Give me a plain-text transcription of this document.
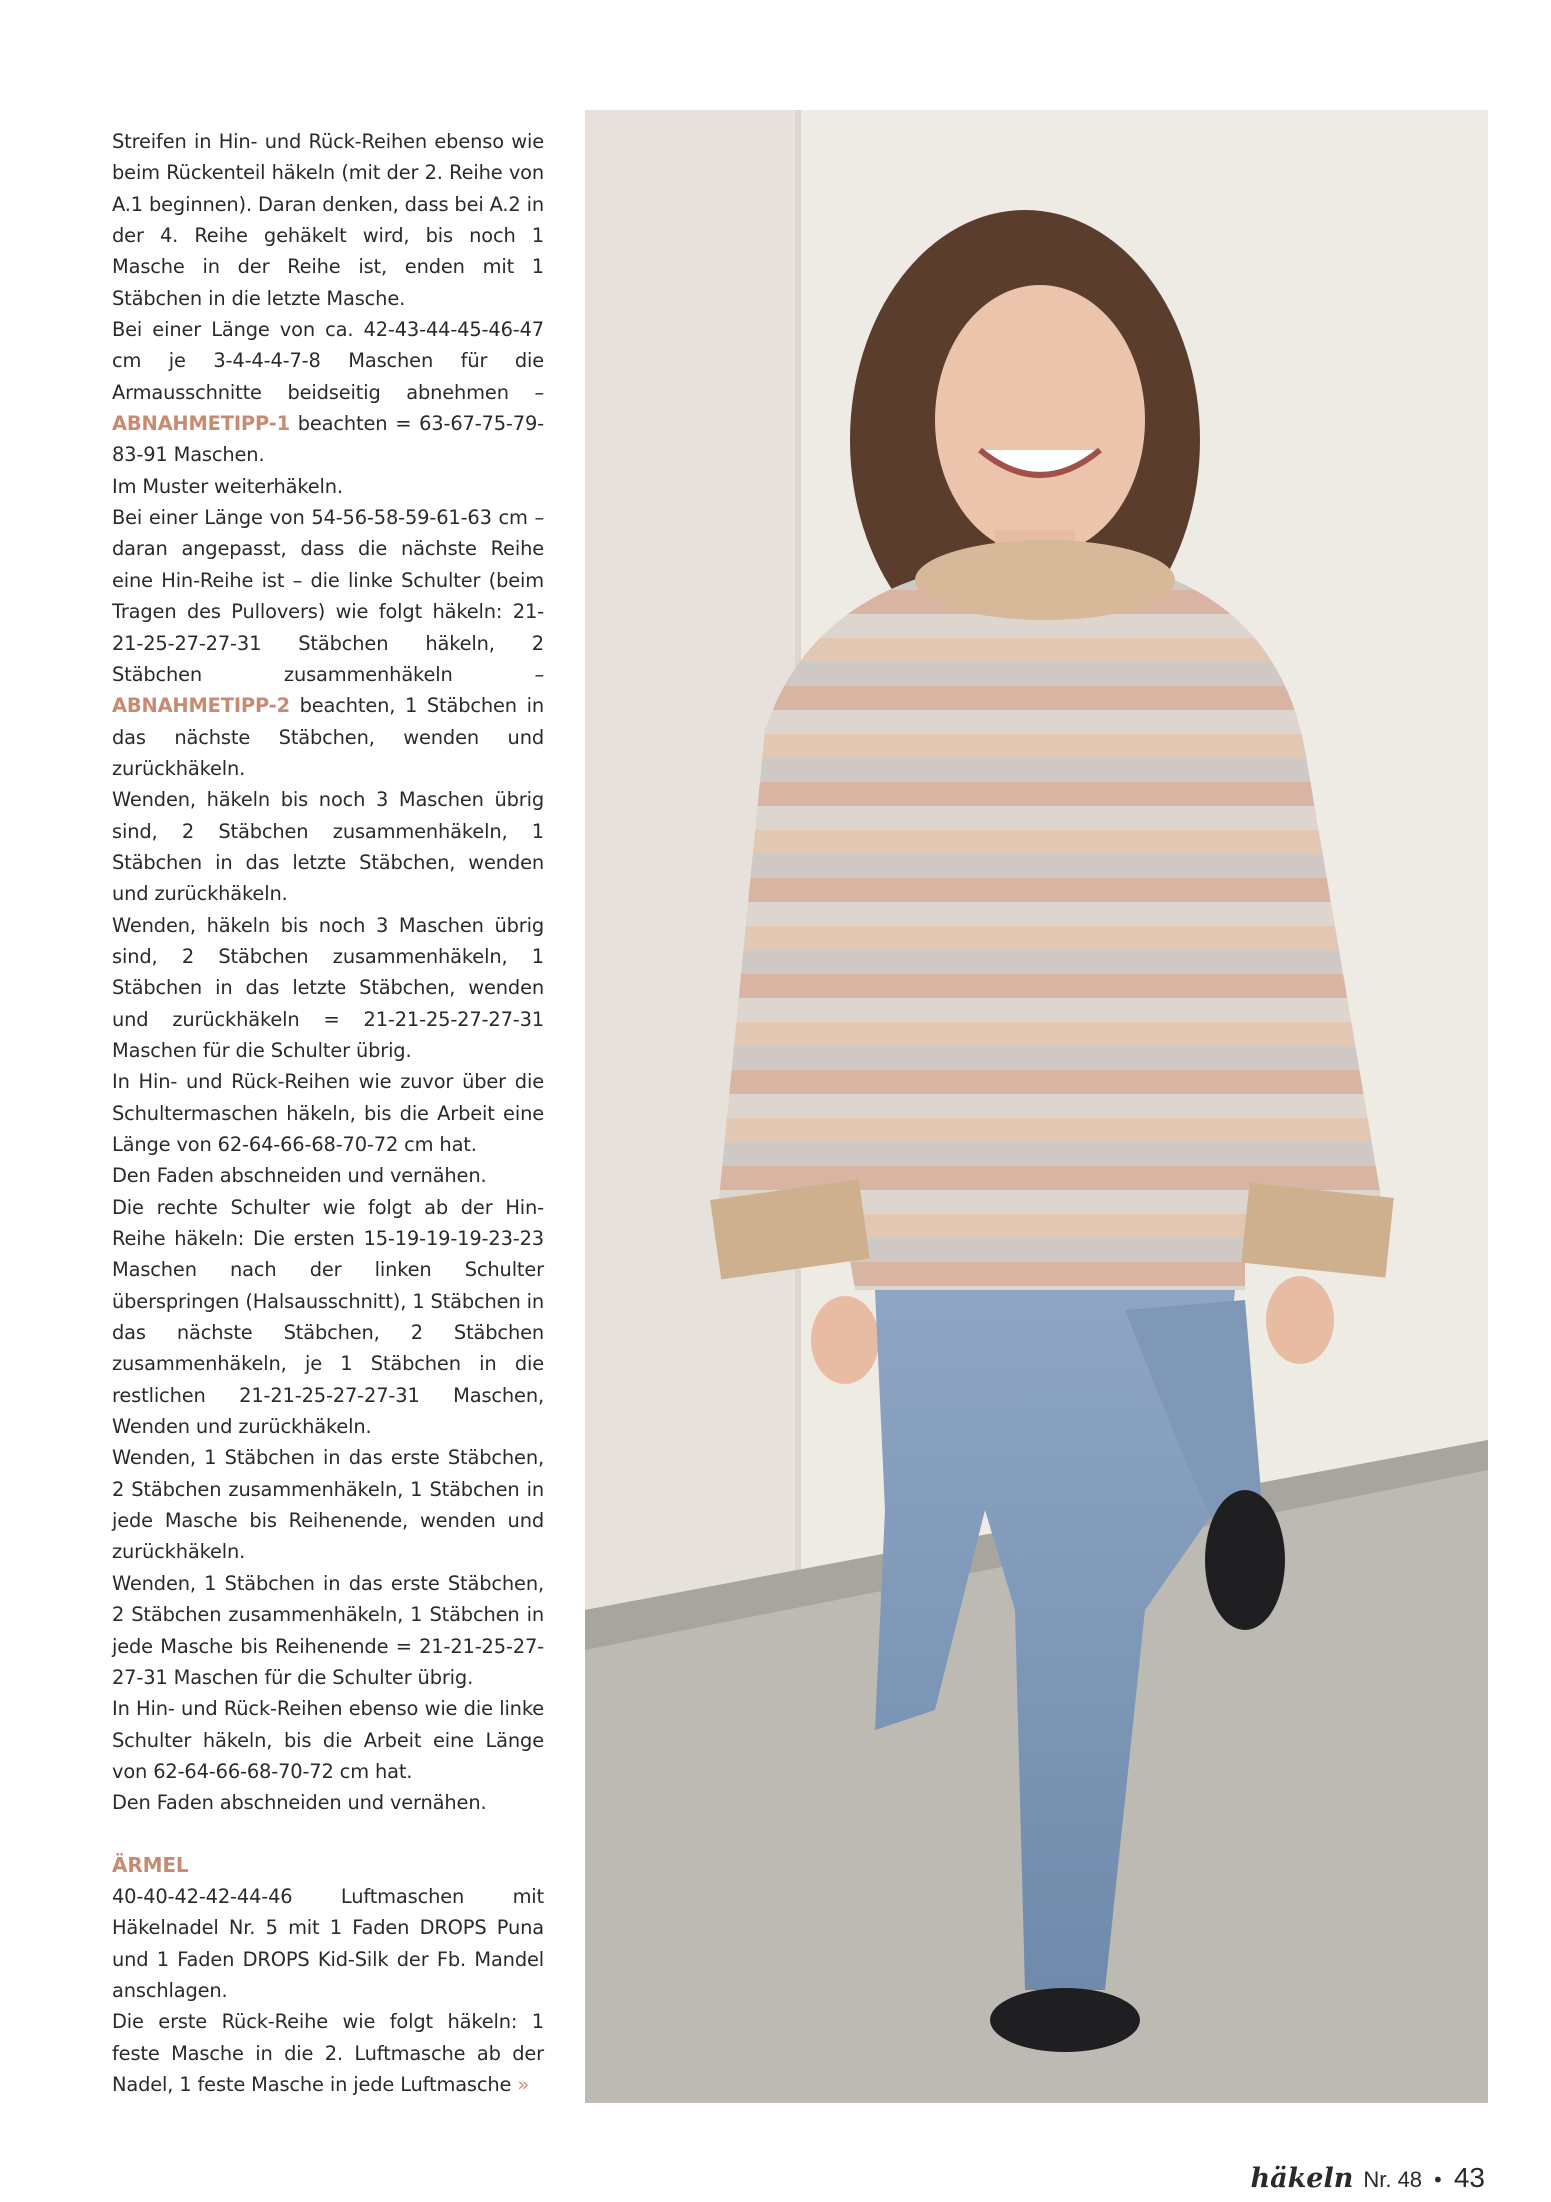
Streifen in Hin- und Rück-Reihen ebenso wie beim Rückenteil häkeln (mit der 2. Reihe von A.1 beginnen). Daran denken, dass bei A.2 in der 4. Reihe gehäkelt wird, bis noch 1 Masche in der Reihe ist, enden mit 1 Stäbchen in die letzte Masche.

Bei einer Länge von ca. 42-43-44-45-46-47 cm je 3-4-4-4-7-8 Maschen für die Armausschnitte beidseitig abnehmen – ABNAHMETIPP-1 beachten = 63-67-75-79-83-91 Maschen.

Im Muster weiterhäkeln.

Bei einer Länge von 54-56-58-59-61-63 cm – daran angepasst, dass die nächste Reihe eine Hin-Reihe ist – die linke Schulter (beim Tragen des Pullovers) wie folgt häkeln: 21-21-25-27-27-31 Stäbchen häkeln, 2 Stäbchen zusammenhäkeln – ABNAHMETIPP-2 beachten, 1 Stäbchen in das nächste Stäbchen, wenden und zurückhäkeln.

Wenden, häkeln bis noch 3 Maschen übrig sind, 2 Stäbchen zusammenhäkeln, 1 Stäbchen in das letzte Stäbchen, wenden und zurückhäkeln.

Wenden, häkeln bis noch 3 Maschen übrig sind, 2 Stäbchen zusammenhäkeln, 1 Stäbchen in das letzte Stäbchen, wenden und zurückhäkeln = 21-21-25-27-27-31 Maschen für die Schulter übrig.

In Hin- und Rück-Reihen wie zuvor über die Schultermaschen häkeln, bis die Arbeit eine Länge von 62-64-66-68-70-72 cm hat.

Den Faden abschneiden und vernähen.

Die rechte Schulter wie folgt ab der Hin-Reihe häkeln: Die ersten 15-19-19-19-23-23 Maschen nach der linken Schulter überspringen (Halsausschnitt), 1 Stäbchen in das nächste Stäbchen, 2 Stäbchen zusammenhäkeln, je 1 Stäbchen in die restlichen 21-21-25-27-27-31 Maschen, Wenden und zurückhäkeln.

Wenden, 1 Stäbchen in das erste Stäbchen, 2 Stäbchen zusammenhäkeln, 1 Stäbchen in jede Masche bis Reihenende, wenden und zurückhäkeln.

Wenden, 1 Stäbchen in das erste Stäbchen, 2 Stäbchen zusammenhäkeln, 1 Stäbchen in jede Masche bis Reihenende = 21-21-25-27-27-31 Maschen für die Schulter übrig.

In Hin- und Rück-Reihen ebenso wie die linke Schulter häkeln, bis die Arbeit eine Länge von 62-64-66-68-70-72 cm hat.

Den Faden abschneiden und vernähen.

ÄRMEL

40-40-42-42-44-46 Luftmaschen mit Häkelnadel Nr. 5 mit 1 Faden DROPS Puna und 1 Faden DROPS Kid-Silk der Fb. Mandel anschlagen.

Die erste Rück-Reihe wie folgt häkeln: 1 feste Masche in die 2. Luftmasche ab der Nadel, 1 feste Masche in jede Luftmasche »

häkeln Nr. 48 • 43
